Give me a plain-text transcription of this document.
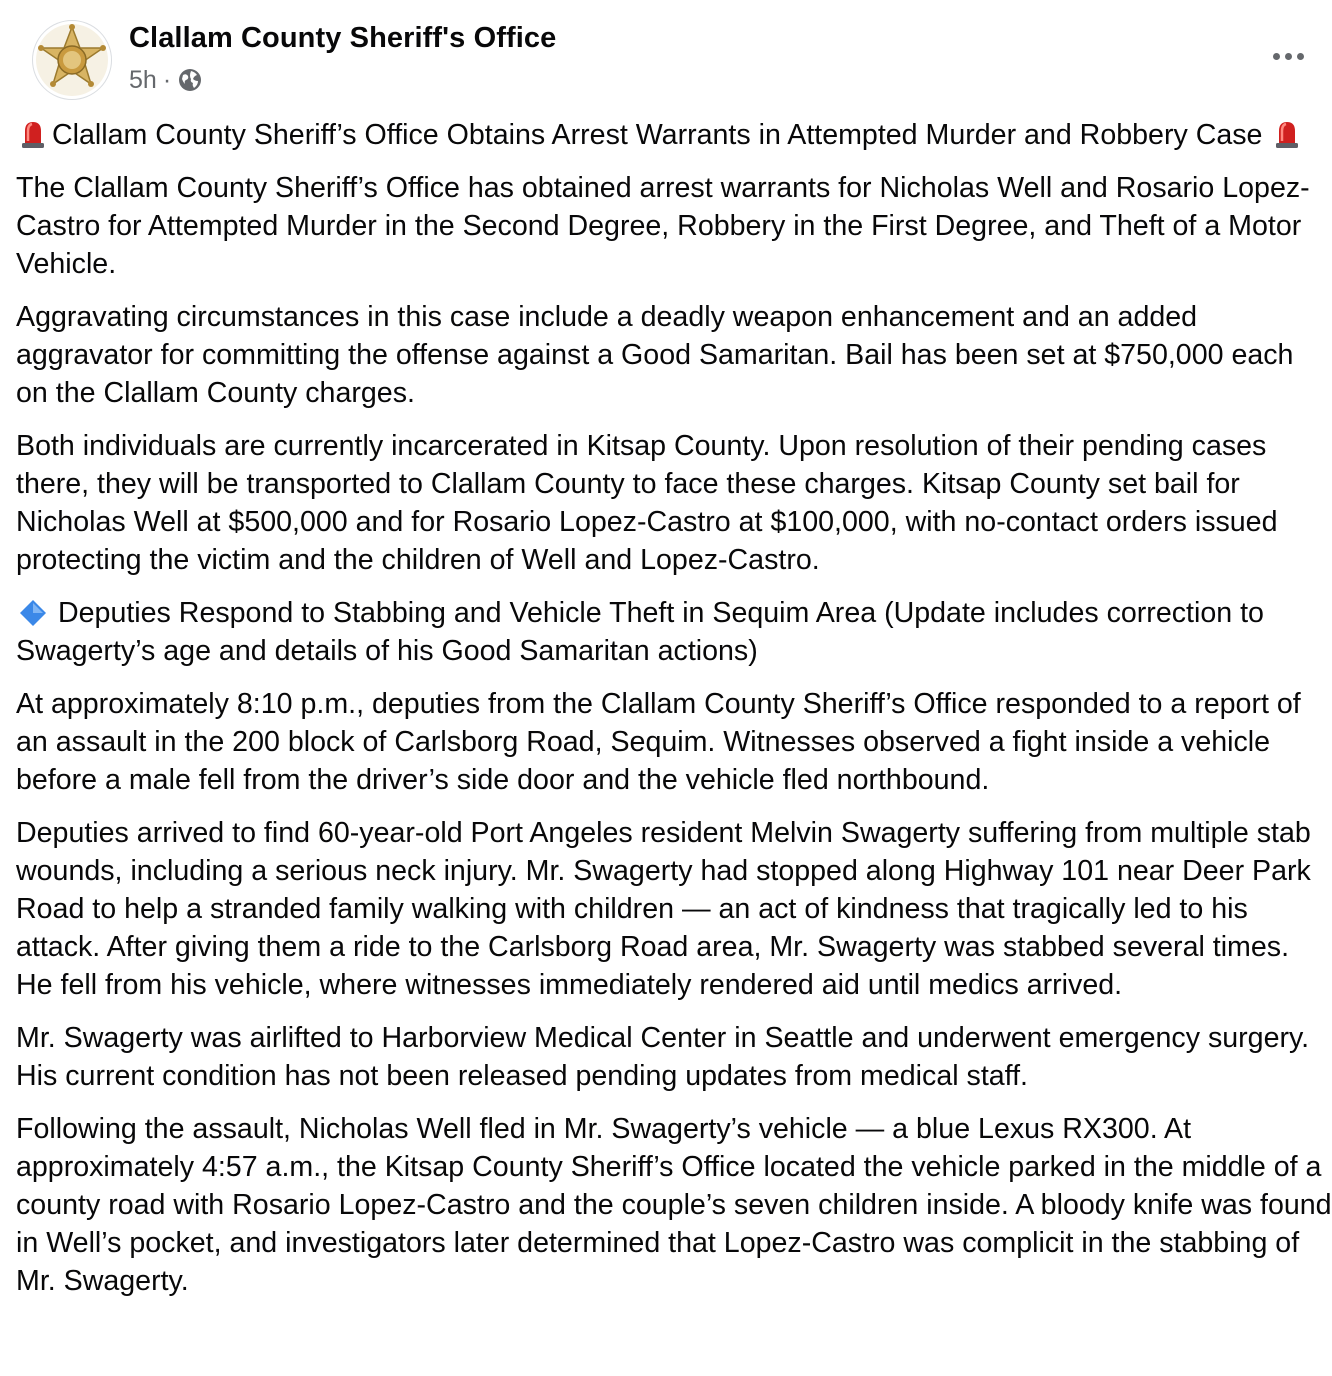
Clallam County Sheriff's Office
5h ·

Clallam County Sheriff’s Office Obtains Arrest Warrants in Attempted Murder and Robbery Case

The Clallam County Sheriff’s Office has obtained arrest warrants for Nicholas Well and Rosario Lopez-Castro for Attempted Murder in the Second Degree, Robbery in the First Degree, and Theft of a Motor Vehicle.

Aggravating circumstances in this case include a deadly weapon enhancement and an added aggravator for committing the offense against a Good Samaritan. Bail has been set at $750,000 each on the Clallam County charges.

Both individuals are currently incarcerated in Kitsap County. Upon resolution of their pending cases there, they will be transported to Clallam County to face these charges. Kitsap County set bail for Nicholas Well at $500,000 and for Rosario Lopez-Castro at $100,000, with no-contact orders issued protecting the victim and the children of Well and Lopez-Castro.

Deputies Respond to Stabbing and Vehicle Theft in Sequim Area (Update includes correction to Swagerty’s age and details of his Good Samaritan actions)

At approximately 8:10 p.m., deputies from the Clallam County Sheriff’s Office responded to a report of an assault in the 200 block of Carlsborg Road, Sequim. Witnesses observed a fight inside a vehicle before a male fell from the driver’s side door and the vehicle fled northbound.

Deputies arrived to find 60-year-old Port Angeles resident Melvin Swagerty suffering from multiple stab wounds, including a serious neck injury. Mr. Swagerty had stopped along Highway 101 near Deer Park Road to help a stranded family walking with children — an act of kindness that tragically led to his attack. After giving them a ride to the Carlsborg Road area, Mr. Swagerty was stabbed several times. He fell from his vehicle, where witnesses immediately rendered aid until medics arrived.

Mr. Swagerty was airlifted to Harborview Medical Center in Seattle and underwent emergency surgery. His current condition has not been released pending updates from medical staff.

Following the assault, Nicholas Well fled in Mr. Swagerty’s vehicle — a blue Lexus RX300. At approximately 4:57 a.m., the Kitsap County Sheriff’s Office located the vehicle parked in the middle of a county road with Rosario Lopez-Castro and the couple’s seven children inside. A bloody knife was found in Well’s pocket, and investigators later determined that Lopez-Castro was complicit in the stabbing of Mr. Swagerty.
